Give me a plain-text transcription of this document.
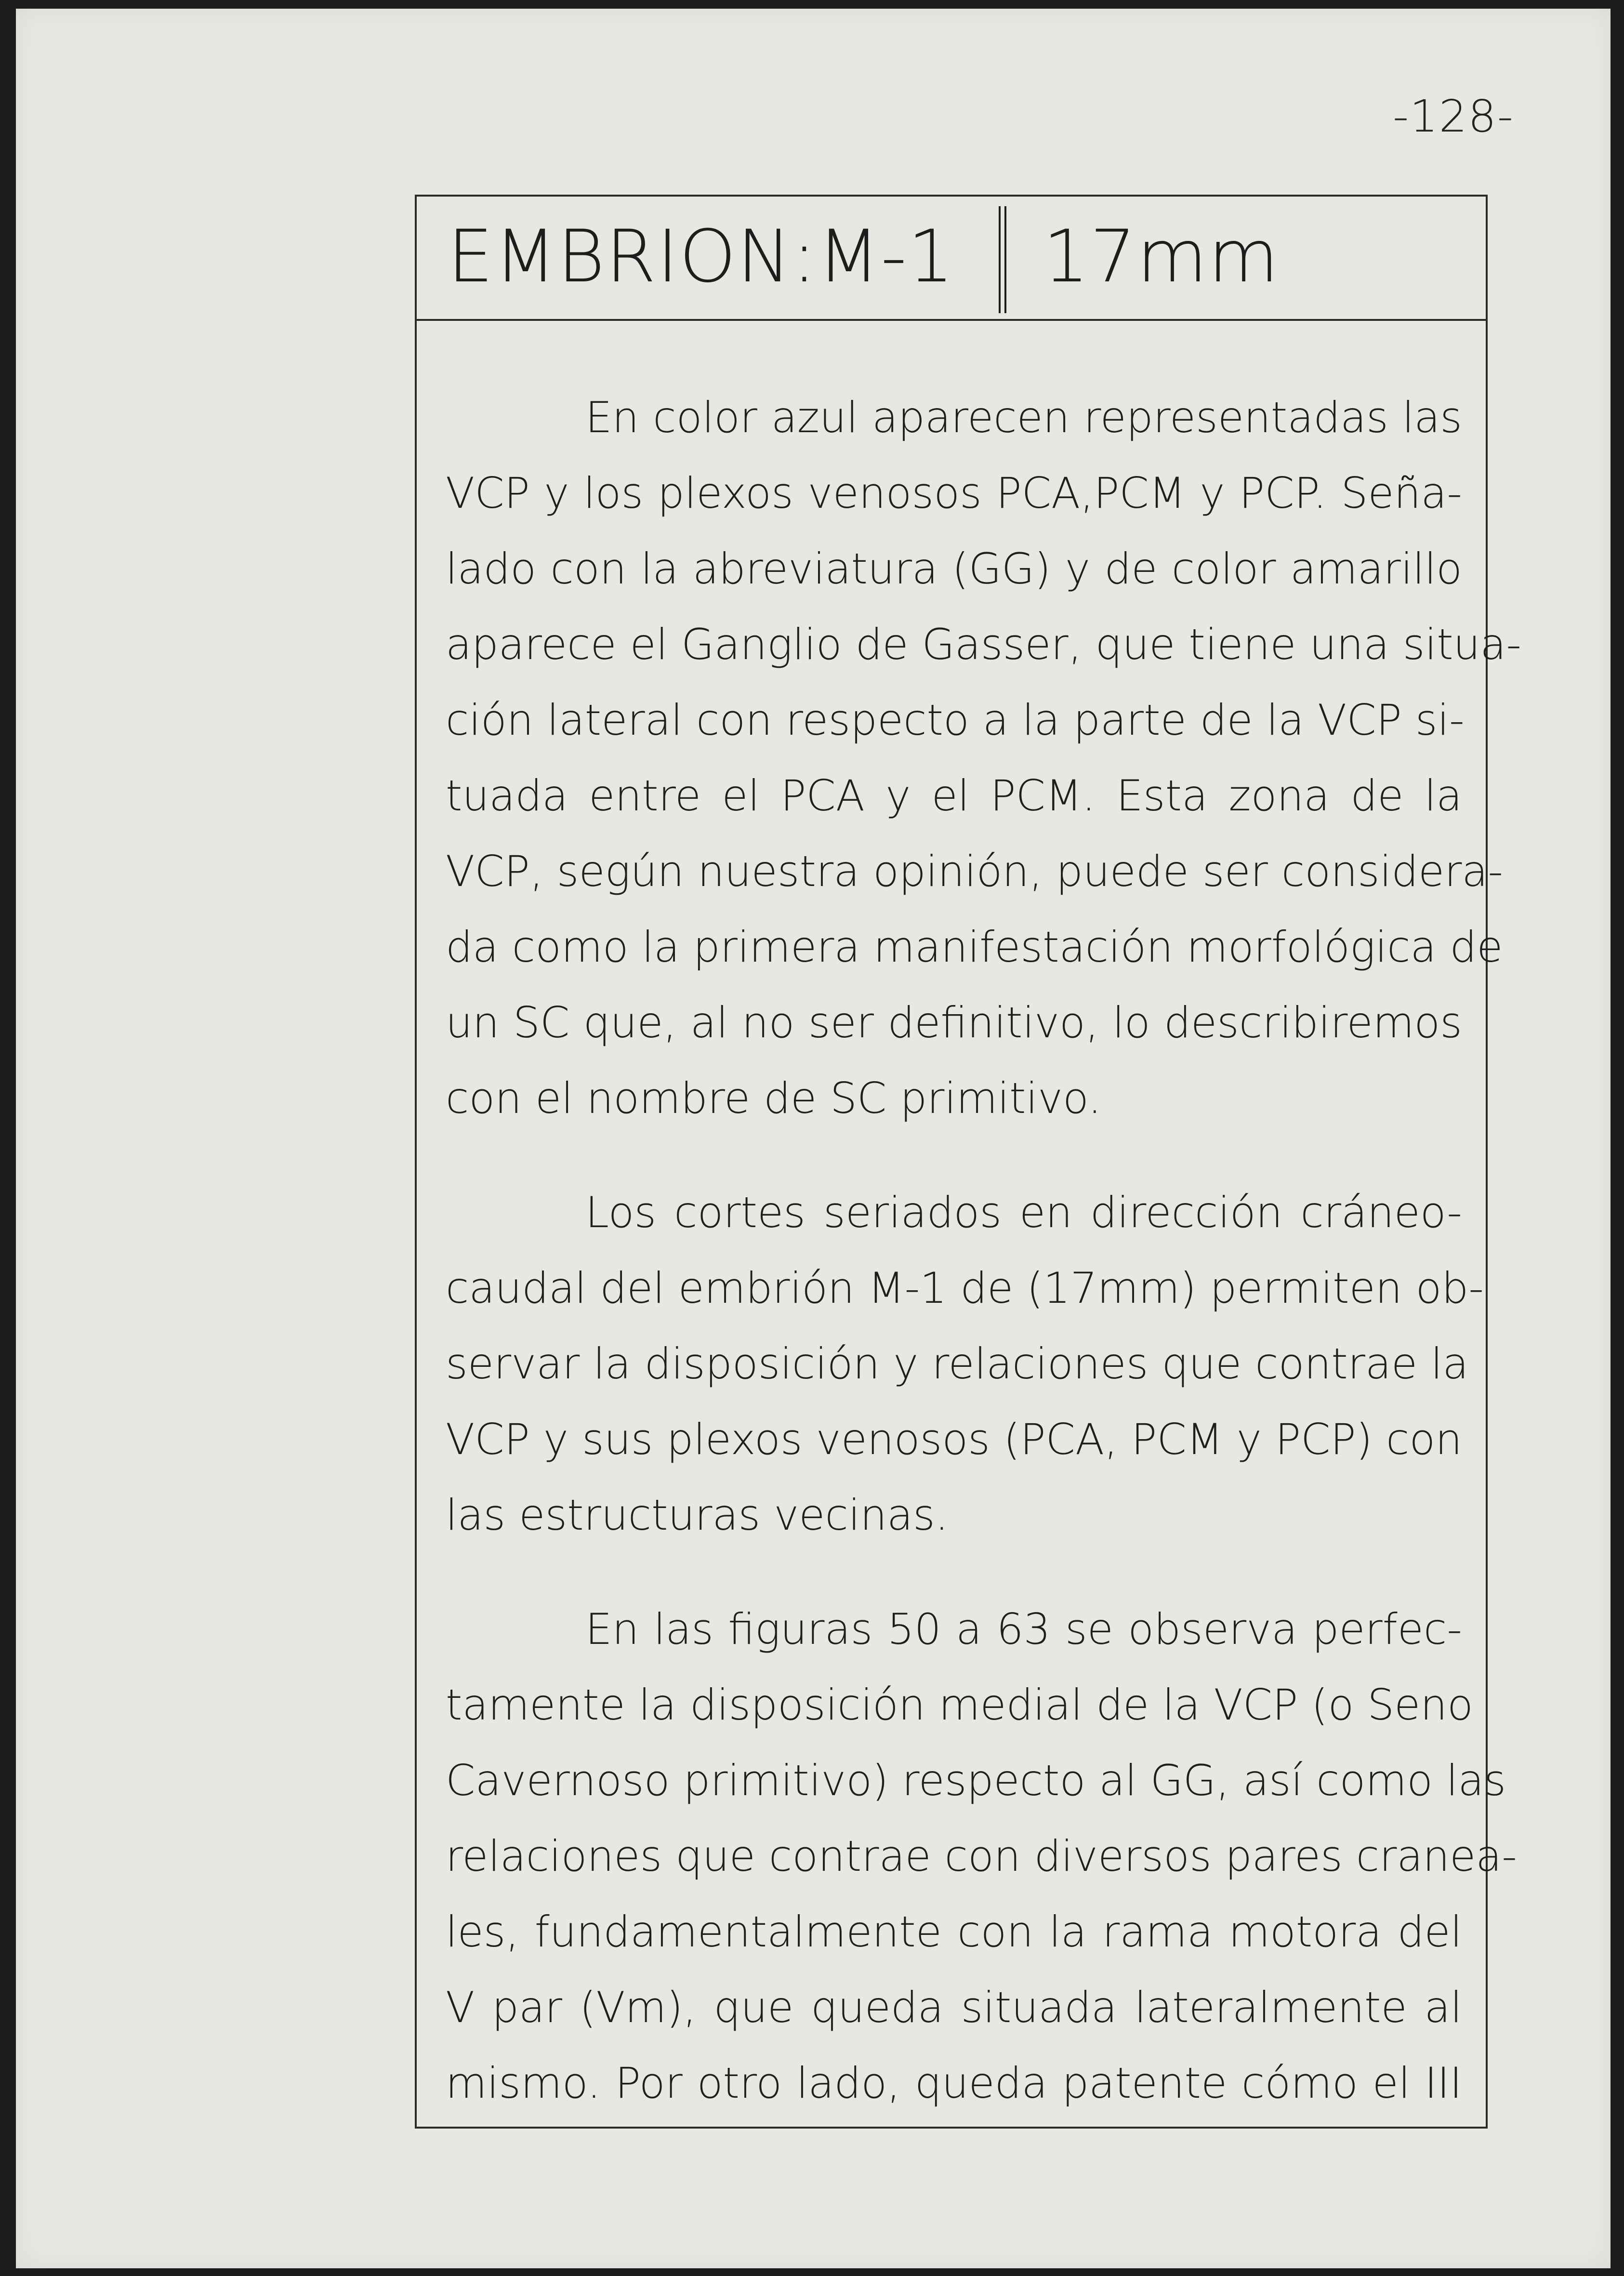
-128-
EMBRION:M-1 17mm
En color azul aparecen representadas las
VCP y los plexos venosos PCA,PCM y PCP. Seña-
lado con la abreviatura (GG) y de color amarillo
aparece el Ganglio de Gasser, que tiene una situa-
ción lateral con respecto a la parte de la VCP si-
tuada entre el PCA y el PCM. Esta zona de la
VCP, según nuestra opinión, puede ser considera-
da como la primera manifestación morfológica de
un SC que, al no ser definitivo, lo describiremos
con el nombre de SC primitivo.
Los cortes seriados en dirección cráneo-
caudal del embrión M-1 de (17mm) permiten ob-
servar la disposición y relaciones que contrae la
VCP y sus plexos venosos (PCA, PCM y PCP) con
las estructuras vecinas.
En las figuras 50 a 63 se observa perfec-
tamente la disposición medial de la VCP (o Seno
Cavernoso primitivo) respecto al GG, así como las
relaciones que contrae con diversos pares cranea-
les, fundamentalmente con la rama motora del
V par (Vm), que queda situada lateralmente al
mismo. Por otro lado, queda patente cómo el III
